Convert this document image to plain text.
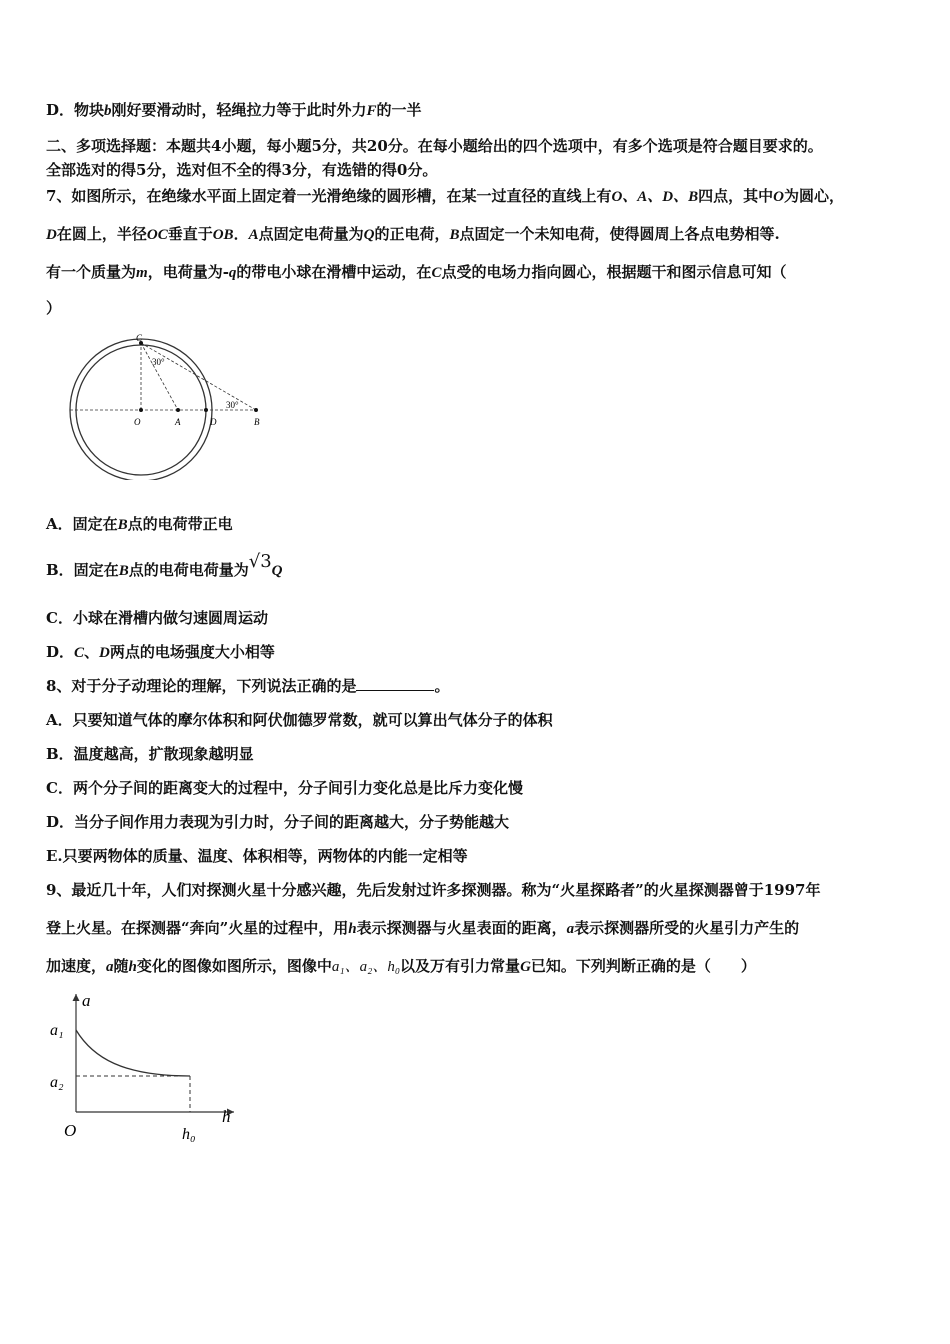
D．物块b刚好要滑动时，轻绳拉力等于此时外力F的一半
二、多项选择题：本题共4小题，每小题5分，共20分。在每小题给出的四个选项中，有多个选项是符合题目要求的。
全部选对的得5分，选对但不全的得3分，有选错的得0分。
7、如图所示，在绝缘水平面上固定着一光滑绝缘的圆形槽，在某一过直径的直线上有O、A、D、B四点，其中O为圆心，
D在圆上，半径OC垂直于OB．A点固定电荷量为Q的正电荷，B点固定一个未知电荷，使得圆周上各点电势相等.
有一个质量为m，电荷量为-q的带电小球在滑槽中运动，在C点受的电场力指向圆心，根据题干和图示信息可知（
）
C
30°
30°
O	A	D	B
A．固定在B点的电荷带正电
B．固定在B点的电荷电荷量为√3Q
C．小球在滑槽内做匀速圆周运动
D．C、D两点的电场强度大小相等
8、对于分子动理论的理解，下列说法正确的是	。
A．只要知道气体的摩尔体积和阿伏伽德罗常数，就可以算出气体分子的体积
B．温度越高，扩散现象越明显
C．两个分子间的距离变大的过程中，分子间引力变化总是比斥力变化慢
D．当分子间作用力表现为引力时，分子间的距离越大，分子势能越大
E.只要两物体的质量、温度、体积相等，两物体的内能一定相等
9、最近几十年，人们对探测火星十分感兴趣，先后发射过许多探测器。称为“火星探路者”的火星探测器曾于1997年
登上火星。在探测器“奔向”火星的过程中，用h表示探测器与火星表面的距离，a表示探测器所受的火星引力产生的
加速度，a随h变化的图像如图所示，图像中a₁、a₂、h₀以及万有引力常量G已知。下列判断正确的是（　　）
a
h
O
a₁
a₂
h₀
